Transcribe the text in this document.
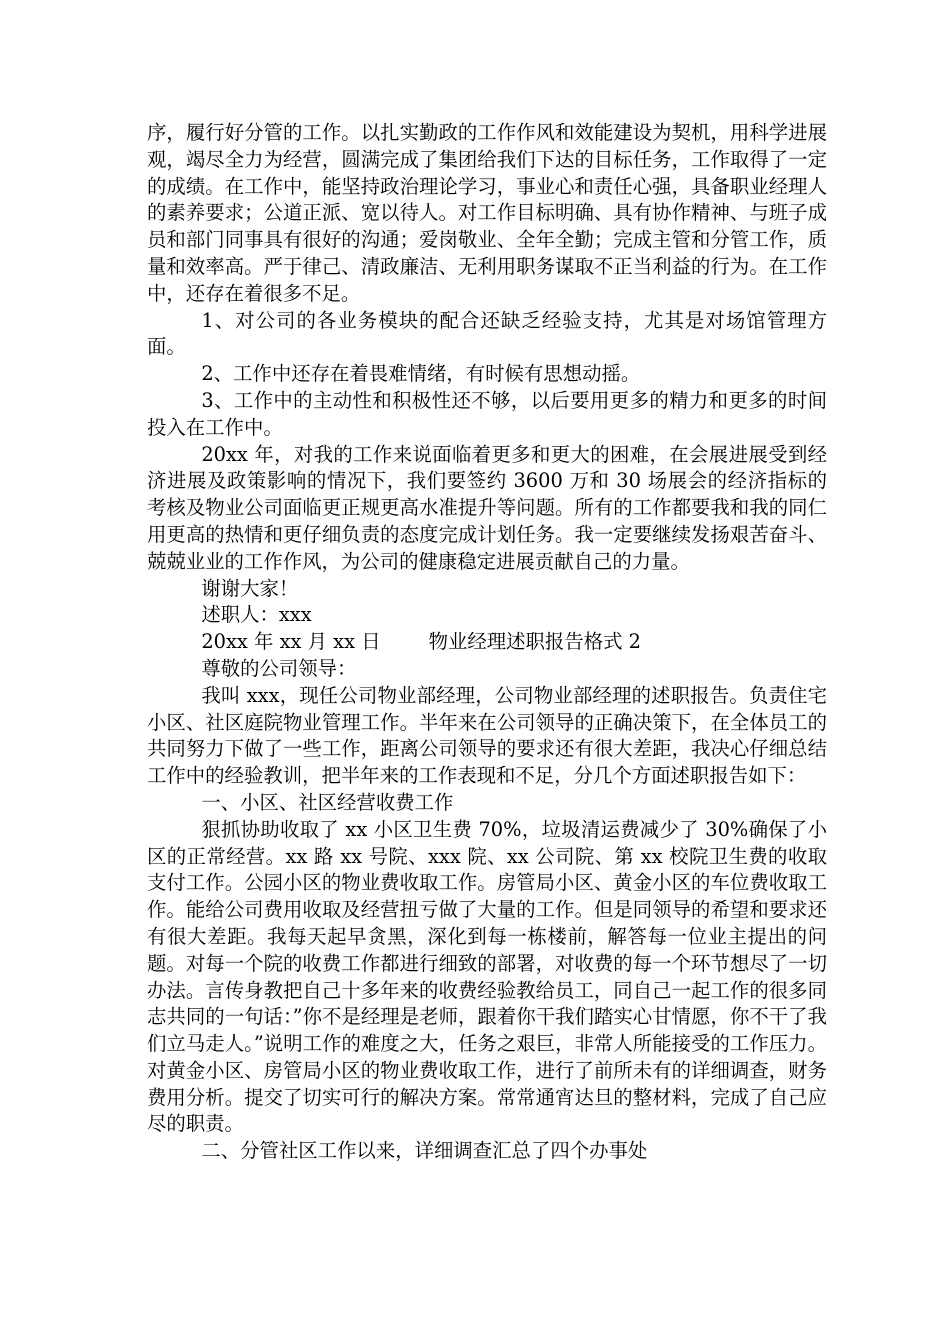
序，履行好分管的工作。以扎实勤政的工作作风和效能建设为契机，用科学进展观，竭尽全力为经营，圆满完成了集团给我们下达的目标任务，工作取得了一定的成绩。在工作中，能坚持政治理论学习，事业心和责任心强，具备职业经理人的素养要求；公道正派、宽以待人。对工作目标明确、具有协作精神、与班子成员和部门同事具有很好的沟通；爱岗敬业、全年全勤；完成主管和分管工作，质量和效率高。严于律己、清政廉洁、无利用职务谋取不正当利益的行为。在工作中，还存在着很多不足。

1、对公司的各业务模块的配合还缺乏经验支持，尤其是对场馆管理方面。

2、工作中还存在着畏难情绪，有时候有思想动摇。

3、工作中的主动性和积极性还不够，以后要用更多的精力和更多的时间投入在工作中。

20xx 年，对我的工作来说面临着更多和更大的困难，在会展进展受到经济进展及政策影响的情况下，我们要签约 3600 万和 30 场展会的经济指标的考核及物业公司面临更正规更高水准提升等问题。所有的工作都要我和我的同仁用更高的热情和更仔细负责的态度完成计划任务。我一定要继续发扬艰苦奋斗、兢兢业业的工作作风，为公司的健康稳定进展贡献自己的力量。

谢谢大家！

述职人：xxx

20xx 年 xx 月 xx 日 物业经理述职报告格式 2

尊敬的公司领导：

我叫 xxx，现任公司物业部经理，公司物业部经理的述职报告。负责住宅小区、社区庭院物业管理工作。半年来在公司领导的正确决策下，在全体员工的共同努力下做了一些工作，距离公司领导的要求还有很大差距，我决心仔细总结工作中的经验教训，把半年来的工作表现和不足，分几个方面述职报告如下：

一、小区、社区经营收费工作

狠抓协助收取了 xx 小区卫生费 70%，垃圾清运费减少了 30%确保了小区的正常经营。xx 路 xx 号院、xxx 院、xx 公司院、第 xx 校院卫生费的收取支付工作。公园小区的物业费收取工作。房管局小区、黄金小区的车位费收取工作。能给公司费用收取及经营扭亏做了大量的工作。但是同领导的希望和要求还有很大差距。我每天起早贪黑，深化到每一栋楼前，解答每一位业主提出的问题。对每一个院的收费工作都进行细致的部署，对收费的每一个环节想尽了一切办法。言传身教把自己十多年来的收费经验教给员工，同自己一起工作的很多同志共同的一句话：”你不是经理是老师，跟着你干我们踏实心甘情愿，你不干了我们立马走人。”说明工作的难度之大，任务之艰巨，非常人所能接受的工作压力。对黄金小区、房管局小区的物业费收取工作，进行了前所未有的详细调查，财务费用分析。提交了切实可行的解决方案。常常通宵达旦的整材料，完成了自己应尽的职责。

二、分管社区工作以来，详细调查汇总了四个办事处
